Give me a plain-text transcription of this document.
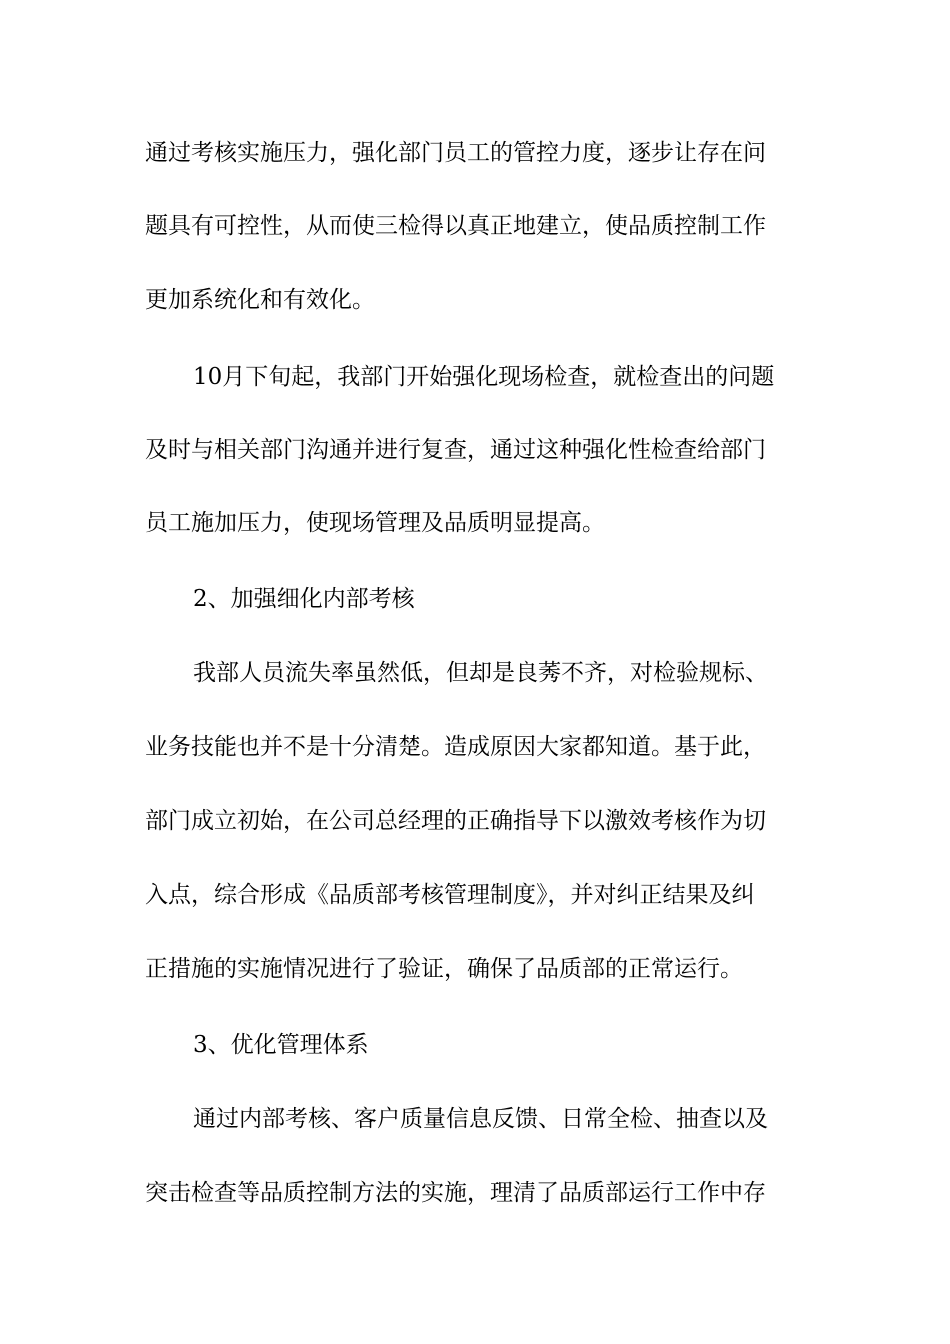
通过考核实施压力，强化部门员工的管控力度，逐步让存在问
题具有可控性，从而使三检得以真正地建立，使品质控制工作
更加系统化和有效化。
10月下旬起，我部门开始强化现场检查，就检查出的问题
及时与相关部门沟通并进行复查，通过这种强化性检查给部门
员工施加压力，使现场管理及品质明显提高。
2、加强细化内部考核
我部人员流失率虽然低，但却是良莠不齐，对检验规标、
业务技能也并不是十分清楚。造成原因大家都知道。基于此，
部门成立初始，在公司总经理的正确指导下以激效考核作为切
入点，综合形成《品质部考核管理制度》，并对纠正结果及纠
正措施的实施情况进行了验证，确保了品质部的正常运行。
3、优化管理体系
通过内部考核、客户质量信息反馈、日常全检、抽查以及
突击检查等品质控制方法的实施，理清了品质部运行工作中存
